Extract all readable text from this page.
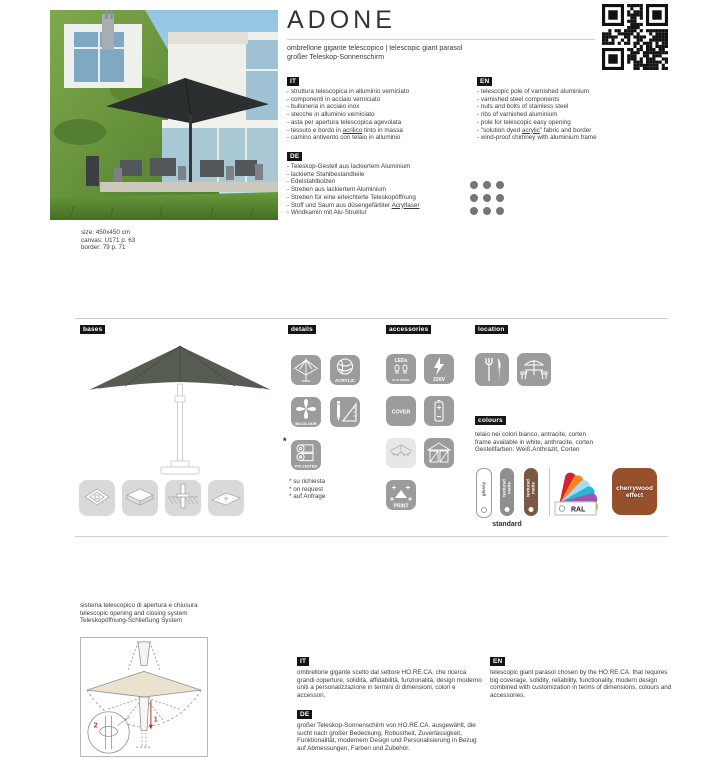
ADONE
ombrellone gigante telescopico | telescopic giant parasol
großer Teleskop-Sonnenschirm
IT
- struttura telescopica in alluminio verniciato
- componenti in acciaio verniciato
- bulloneria in acciaio inox
- stecche in alluminio verniciato
- asta per apertura telescopica agevolata
- tessuto e bordo in acrilico tinto in massa
- camino antivento con telaio in alluminio
EN
- telescopic pole of varnished aluminium
- varnished steel components
- nuts and bolts of stainless steel
- ribs of varnished aluminium
- pole for telescopic easy opening
- "solution dyed acrylic" fabric and border
- wind-proof chimney with aluminium frame
DE
- Teleskop-Gestell aus lackiertem Aluminium
- lackierte Stahlbestandteile
- Edelstahlbolzen
- Streben aus lackiertem Aluminium
- Streben für eine erleichterte Teleskopöffnung
- Stoff und Saum aus düsengefärbter Acrylfaser
- Windkamin mit Alu-Struktur
size: 450x450 cm
canvas: U171 p. 63
border: 79 p. 71
bases	details
ACRYLIC
BICOLOUR
*
POLYESTER
* su richiesta
* on request
* auf Anfrage
accessories
LEDs
ECO-MODE	220V
COVER
PRINT
location
colours
telaio nei colori bianco, antracite, corten
frame available in white, anthracite, corten
Gestellfarben: Weiß,Anthrazit, Corten
glossy textured matte textured matte
standard
RAL
cherrywood
effect
sistema telescopico di apertura e chiusura
telescopic opening and closing system
Teleskopöffnung-Schließung System
1
2
IT
ombrellone gigante scelto dal settore HO.RE.CA. che ricerca grandi coperture, solidità, affidabilità, funzionalità, design moderno uniti a personalizzazione in termini di dimensioni, colori e accessori.
DE
großer Teleskop-Sonnenschirm von HO.RE.CA. ausgewählt, die sucht nach großer Bedeckung, Robustheit, Zuverlässigkeit, Funktionalität, modernem Design und Personalisierung in Bezug auf Abmessungen, Farben und Zubehör.
EN
telescopic giant parasol chosen by the HO.RE.CA. that requires big coverage, solidity, reliability, functionality, modern design combined with customization in terms of dimensions, colours and accessories.
